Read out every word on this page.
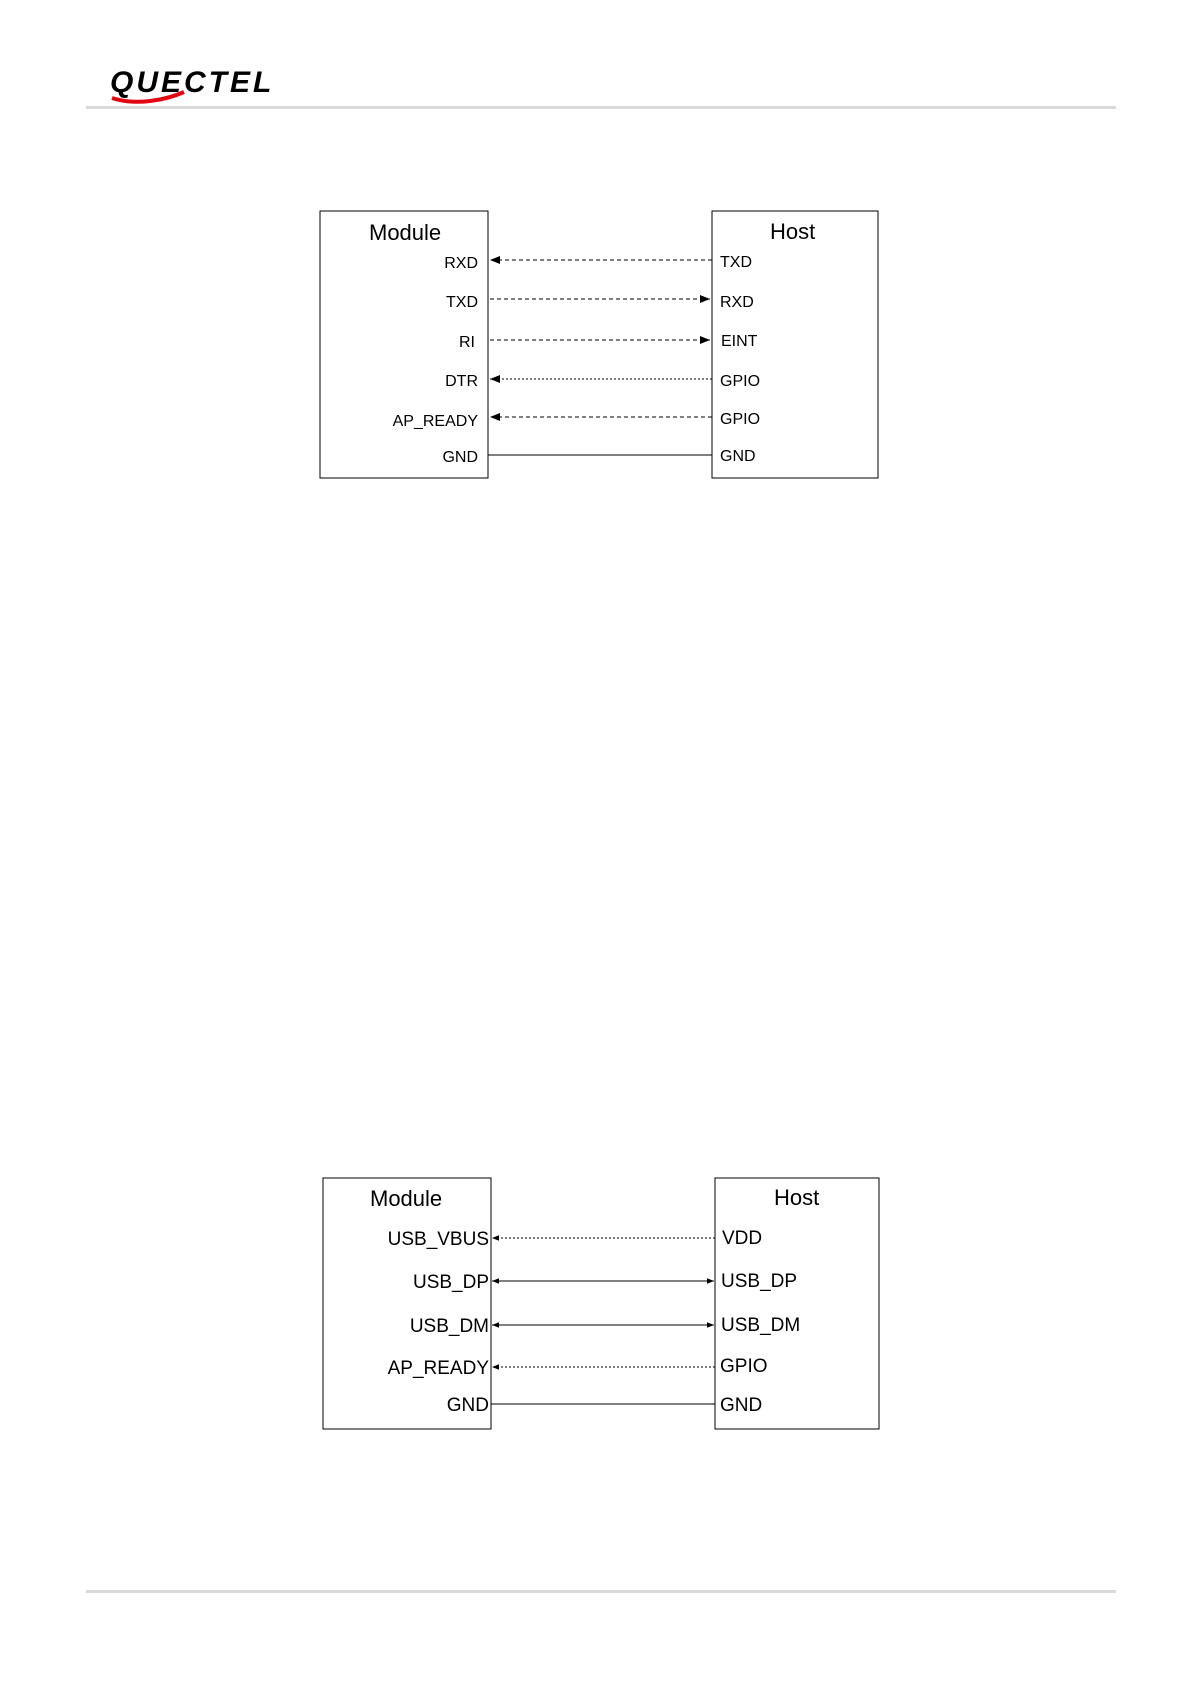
QUECTEL
Module	Host
RXD
TXD
RI
DTR
AP_READY
GND
TXD
RXD
EINT
GPIO
GPIO
GND
Module	Host
USB_VBUS
USB_DP
USB_DM
AP_READY
GND
VDD
USB_DP
USB_DM
GPIO
GND
